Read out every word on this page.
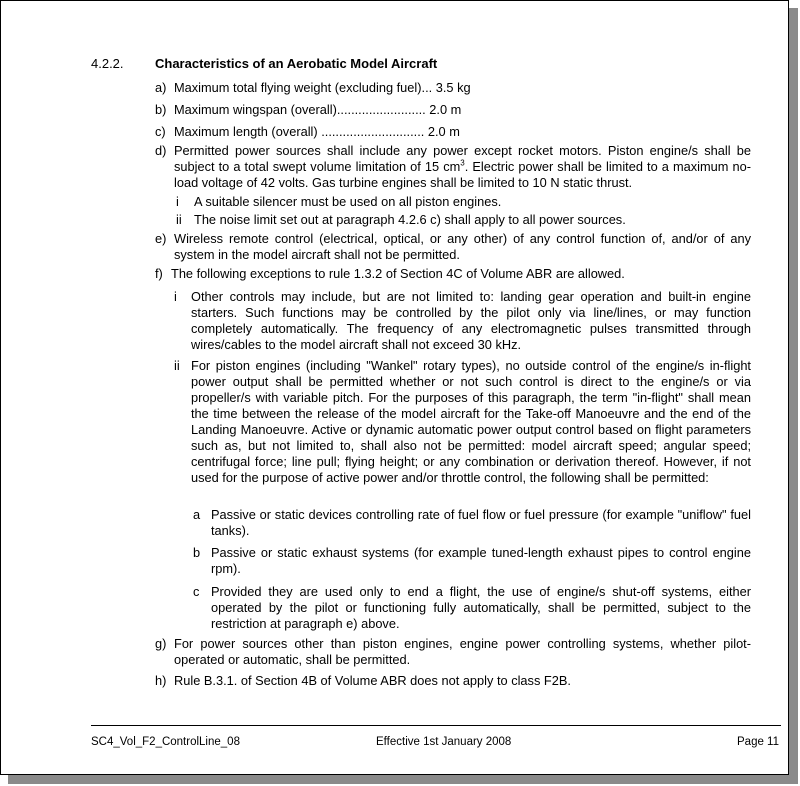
4.2.2. Characteristics of an Aerobatic Model Aircraft
a) Maximum total flying weight (excluding fuel)... 3.5 kg
b) Maximum wingspan (overall)......................... 2.0 m
c) Maximum length (overall) ............................. 2.0 m
d) Permitted power sources shall include any power except rocket motors. Piston engine/s shall be subject to a total swept volume limitation of 15 $cm^3$. Electric power shall be limited to a maximum no-load voltage of 42 volts. Gas turbine engines shall be limited to 10 N static thrust.
i A suitable silencer must be used on all piston engines.
ii The noise limit set out at paragraph 4.2.6 c) shall apply to all power sources.
e) Wireless remote control (electrical, optical, or any other) of any control function of, and/or of any system in the model aircraft shall not be permitted.
f) The following exceptions to rule 1.3.2 of Section 4C of Volume ABR are allowed.
i Other controls may include, but are not limited to: landing gear operation and built-in engine starters. Such functions may be controlled by the pilot only via line/lines, or may function completely automatically. The frequency of any electromagnetic pulses transmitted through wires/cables to the model aircraft shall not exceed 30 kHz.
ii For piston engines (including "Wankel" rotary types), no outside control of the engine/s in-flight power output shall be permitted whether or not such control is direct to the engine/s or via propeller/s with variable pitch. For the purposes of this paragraph, the term "in-flight" shall mean the time between the release of the model aircraft for the Take-off Manoeuvre and the end of the Landing Manoeuvre. Active or dynamic automatic power output control based on flight parameters such as, but not limited to, shall also not be permitted: model aircraft speed; angular speed; centrifugal force; line pull; flying height; or any combination or derivation thereof. However, if not used for the purpose of active power and/or throttle control, the following shall be permitted:
a Passive or static devices controlling rate of fuel flow or fuel pressure (for example "uniflow" fuel tanks).
b Passive or static exhaust systems (for example tuned-length exhaust pipes to control engine rpm).
c Provided they are used only to end a flight, the use of engine/s shut-off systems, either operated by the pilot or functioning fully automatically, shall be permitted, subject to the restriction at paragraph e) above.
g) For power sources other than piston engines, engine power controlling systems, whether pilot-operated or automatic, shall be permitted.
h) Rule B.3.1. of Section 4B of Volume ABR does not apply to class F2B.
SC4_Vol_F2_ControlLine_08	Effective 1st January 2008	Page 11
